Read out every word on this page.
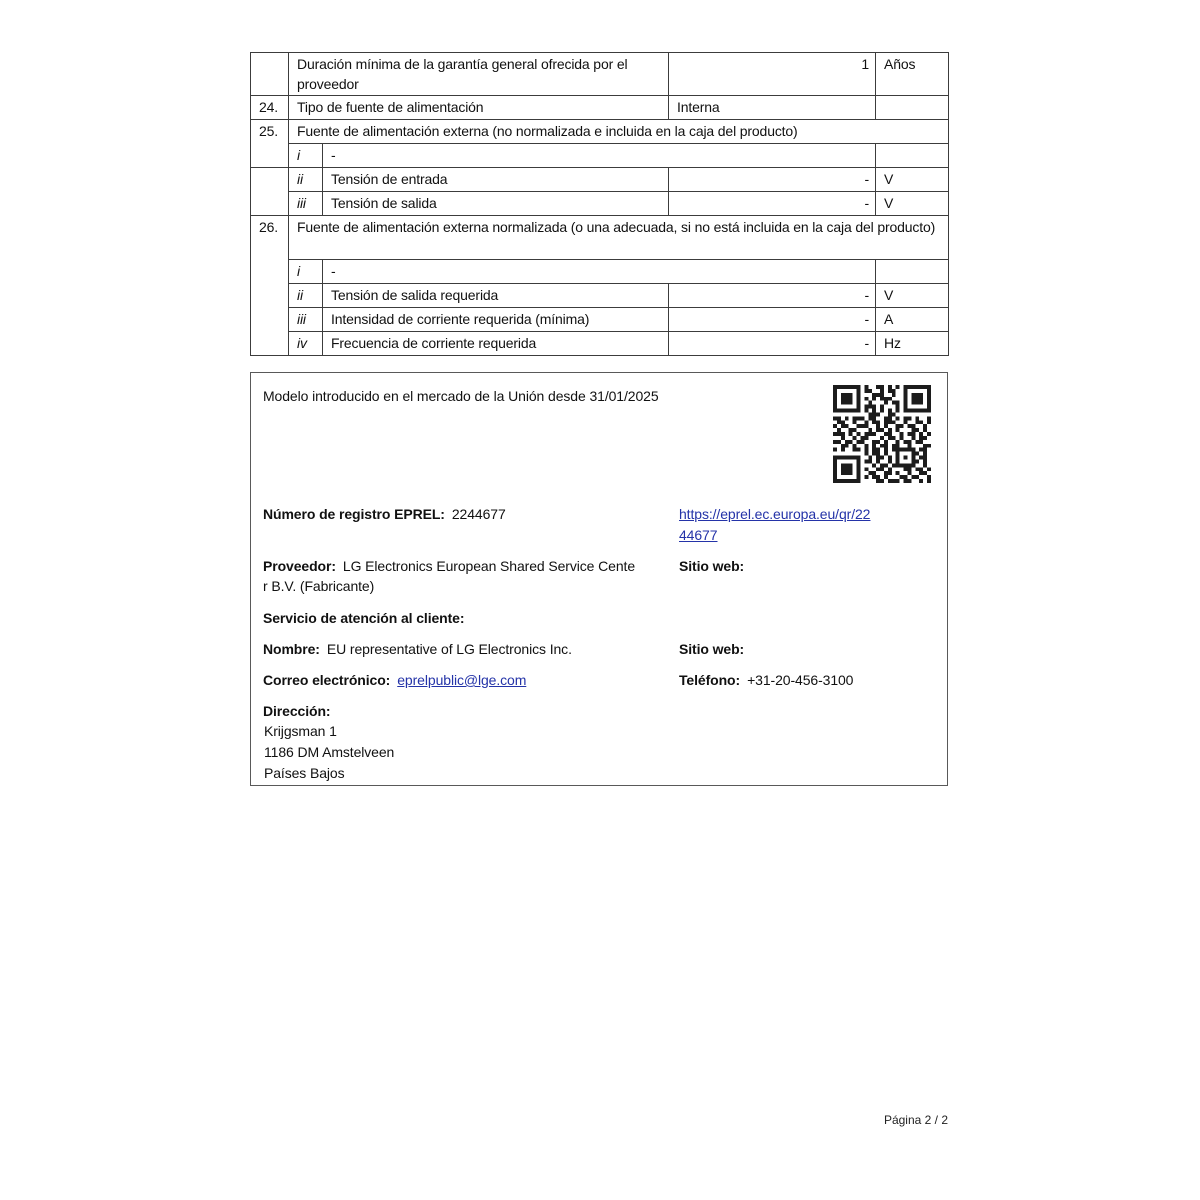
	Duración mínima de la garantía general ofrecida por el proveedor		1	Años
24.	Tipo de fuente de alimentación		Interna	
25.	Fuente de alimentación externa (no normalizada e incluida en la caja del producto)			
	i	-		
	ii	Tensión de entrada	-	V
	iii	Tensión de salida	-	V
26.	Fuente de alimentación externa normalizada (o una adecuada, si no está incluida en la caja del producto)			
	i	-		
	ii	Tensión de salida requerida	-	V
	iii	Intensidad de corriente requerida (mínima)	-	A
	iv	Frecuencia de corriente requerida	-	Hz
Modelo introducido en el mercado de la Unión desde 31/01/2025
Número de registro EPREL: 2244677	https://eprel.ec.europa.eu/qr/22
44677
Proveedor: LG Electronics European Shared Service Cente
r B.V. (Fabricante)
Sitio web:
Servicio de atención al cliente:
Nombre: EU representative of LG Electronics Inc.	Sitio web:
Correo electrónico: eprelpublic@lge.com	Teléfono: +31-20-456-3100
Dirección:
Krijgsman 1
1186 DM Amstelveen
Países Bajos
Página 2 / 2
